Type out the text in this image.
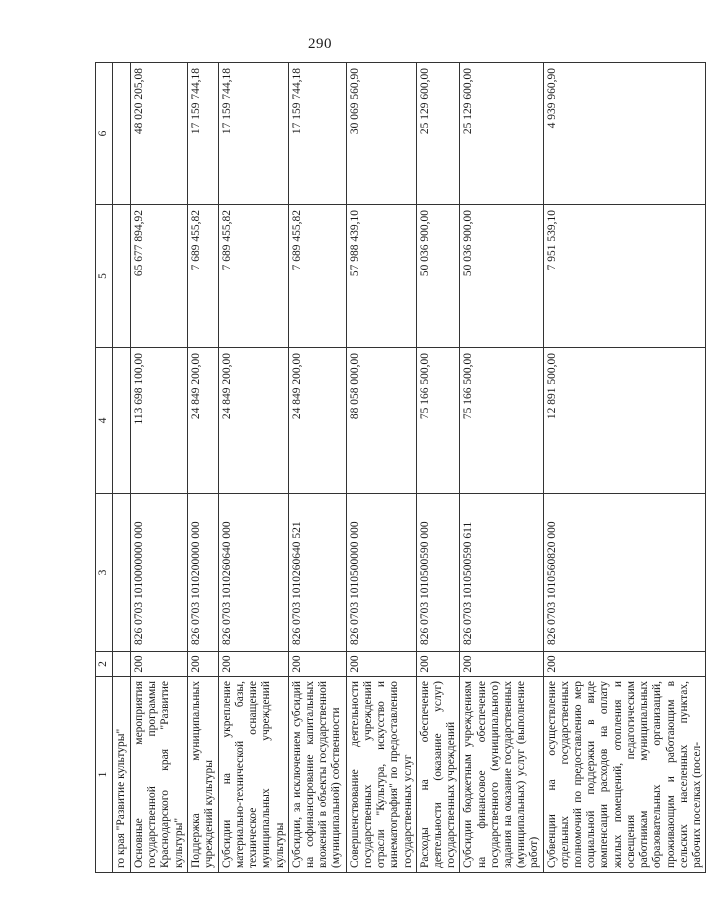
290
1	2	3	4	5	6
го края "Развитие культуры"					
Основные мероприятия государственной программы Краснодарского края "Развитие культуры"	200	826 0703 1010000000 000	113 698 100,00	65 677 894,92	48 020 205,08
Поддержка муниципальных учреждений культуры	200	826 0703 1010200000 000	24 849 200,00	7 689 455,82	17 159 744,18
Субсидии на укрепление материально-технической базы, техническое оснащение муниципальных учреждений культуры	200	826 0703 1010260640 000	24 849 200,00	7 689 455,82	17 159 744,18
Субсидии, за исключением субсидий на софинансирование капитальных вложений в объекты государственной (муниципальной) собственности	200	826 0703 1010260640 521	24 849 200,00	7 689 455,82	17 159 744,18
Совершенствование деятельности государственных учреждений отрасли "Культура, искусство и кинематография" по предоставлению государственных услуг	200	826 0703 1010500000 000	88 058 000,00	57 988 439,10	30 069 560,90
Расходы на обеспечение деятельности (оказание услуг) государственных учреждений	200	826 0703 1010500590 000	75 166 500,00	50 036 900,00	25 129 600,00
Субсидии бюджетным учреждениям на финансовое обеспечение государственного (муниципального) задания на оказание государственных (муниципальных) услуг (выполнение работ)	200	826 0703 1010500590 611	75 166 500,00	50 036 900,00	25 129 600,00
Субвенции на осуществление отдельных государственных полномочий по предоставлению мер социальной поддержки в виде компенсации расходов на оплату жилых помещений, отопления и освещения педагогическим работникам муниципальных образовательных организаций, проживающим и работающим в сельских населенных пунктах, рабочих поселках (посел-	200	826 0703 1010560820 000	12 891 500,00	7 951 539,10	4 939 960,90
